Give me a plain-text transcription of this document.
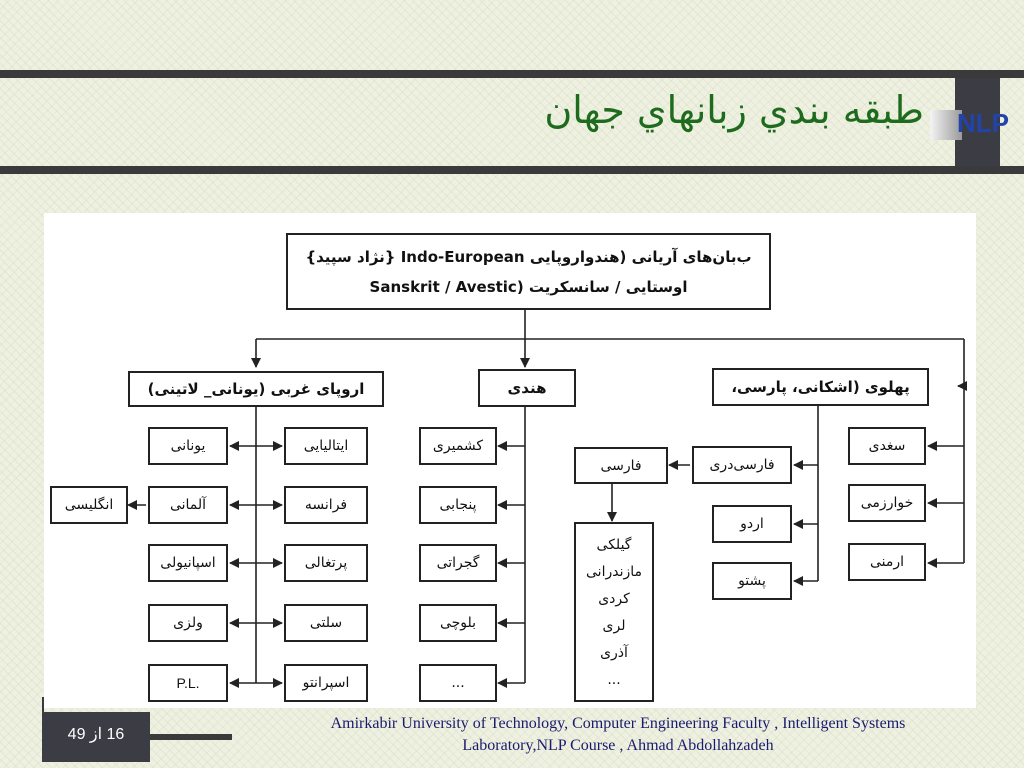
NLP
طبقه بندي زبانهاي جهان
ب‌بان‌های آریانی (هندواروپایی Indo-European {نژاد سپید}
اوستایی / سانسکریت (Sanskrit / Avestic
اروپای غربی (یونانی_ لاتینی)	هندی	پهلوی (اشکانی، پارسی،
ایتالیایی
فرانسه
پرتغالی
سلتی
اسپرانتو
یونانی
آلمانی
اسپانیولی
ولزی
P.L.
انگلیسی
کشمیری
پنجابی
گجراتی
بلوچی
...
فارسی‌دری
فارسی
گیلکی
مازندرانی
کردی
لری
آذری
...
اردو
پشتو
سغدی
خوارزمی
ارمنی
16 از 49
Amirkabir University of Technology, Computer Engineering Faculty , Intelligent Systems
Laboratory,NLP Course , Ahmad Abdollahzadeh
